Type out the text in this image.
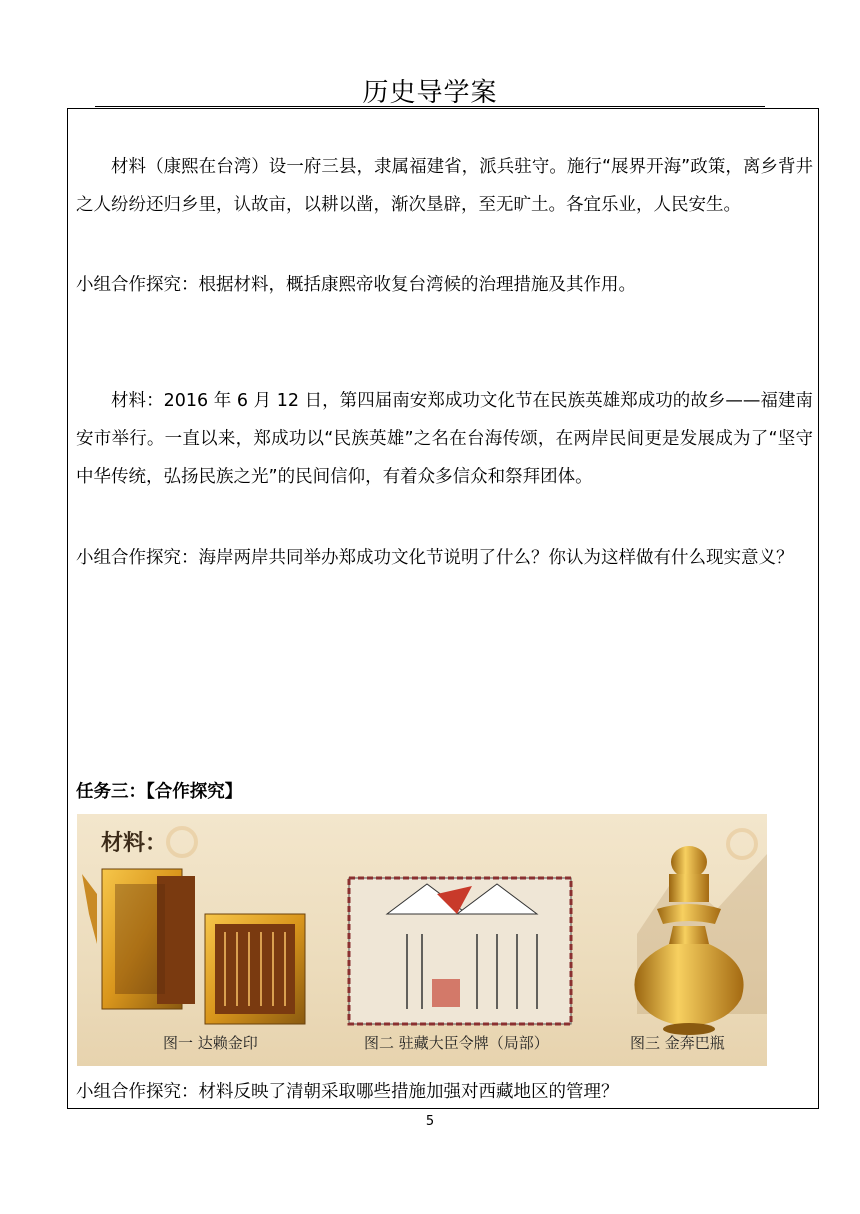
历史导学案
材料（康熙在台湾）设一府三县，隶属福建省，派兵驻守。施行“展界开海”政策，离乡背井之人纷纷还归乡里，认故亩，以耕以凿，渐次垦辟，至无旷土。各宜乐业，人民安生。
小组合作探究：根据材料，概括康熙帝收复台湾候的治理措施及其作用。
材料：2016 年 6 月 12 日，第四届南安郑成功文化节在民族英雄郑成功的故乡——福建南安市举行。一直以来，郑成功以“民族英雄”之名在台海传颂，在两岸民间更是发展成为了“坚守中华传统，弘扬民族之光”的民间信仰，有着众多信众和祭拜团体。
小组合作探究：海岸两岸共同举办郑成功文化节说明了什么？你认为这样做有什么现实意义？
任务三：【合作探究】
材料：
图一 达赖金印	图二 驻藏大臣令牌（局部）	图三 金奔巴瓶
小组合作探究：材料反映了清朝采取哪些措施加强对西藏地区的管理？
5
